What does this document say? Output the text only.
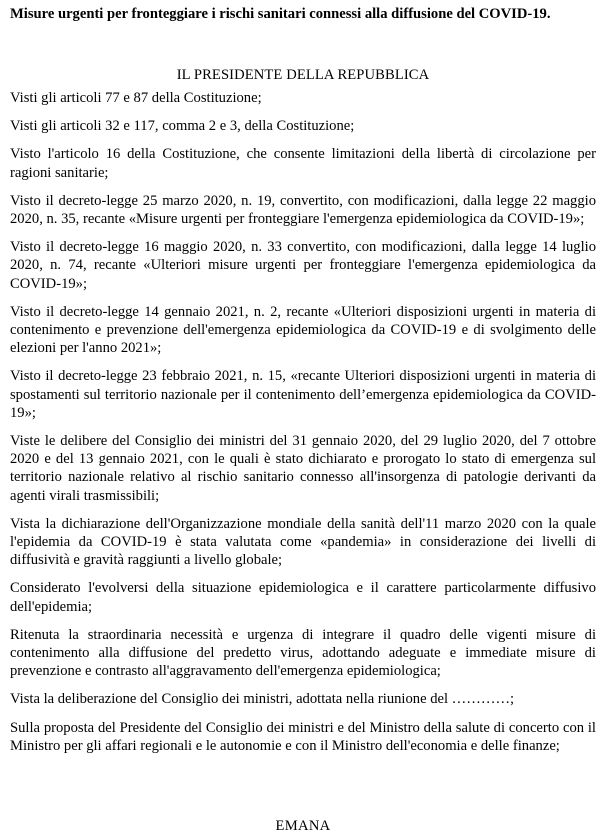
Misure urgenti per fronteggiare i rischi sanitari connessi alla diffusione del COVID-19.
IL PRESIDENTE DELLA REPUBBLICA

Visti gli articoli 77 e 87 della Costituzione;

Visti gli articoli 32 e 117, comma 2 e 3, della Costituzione;

Visto l'articolo 16 della Costituzione, che consente limitazioni della libertà di circolazione per ragioni sanitarie;

Visto il decreto-legge 25 marzo 2020, n. 19, convertito, con modificazioni, dalla legge 22 maggio 2020, n. 35, recante «Misure urgenti per fronteggiare l'emergenza epidemiologica da COVID-19»;

Visto il decreto-legge 16 maggio 2020, n. 33 convertito, con modificazioni, dalla legge 14 luglio 2020, n. 74, recante «Ulteriori misure urgenti per fronteggiare l'emergenza epidemiologica da COVID-19»;

Visto il decreto-legge 14 gennaio 2021, n. 2, recante «Ulteriori disposizioni urgenti in materia di contenimento e prevenzione dell'emergenza epidemiologica da COVID-19 e di svolgimento delle elezioni per l'anno 2021»;

Visto il decreto-legge 23 febbraio 2021, n. 15, «recante Ulteriori disposizioni urgenti in materia di spostamenti sul territorio nazionale per il contenimento dell’emergenza epidemiologica da COVID-19»;

Viste le delibere del Consiglio dei ministri del 31 gennaio 2020, del 29 luglio 2020, del 7 ottobre 2020 e del 13 gennaio 2021, con le quali è stato dichiarato e prorogato lo stato di emergenza sul territorio nazionale relativo al rischio sanitario connesso all'insorgenza di patologie derivanti da agenti virali trasmissibili;

Vista la dichiarazione dell'Organizzazione mondiale della sanità dell'11 marzo 2020 con la quale l'epidemia da COVID-19 è stata valutata come «pandemia» in considerazione dei livelli di diffusività e gravità raggiunti a livello globale;

Considerato l'evolversi della situazione epidemiologica e il carattere particolarmente diffusivo dell'epidemia;

Ritenuta la straordinaria necessità e urgenza di integrare il quadro delle vigenti misure di contenimento alla diffusione del predetto virus, adottando adeguate e immediate misure di prevenzione e contrasto all'aggravamento dell'emergenza epidemiologica;

Vista la deliberazione del Consiglio dei ministri, adottata nella riunione del …………;

Sulla proposta del Presidente del Consiglio dei ministri e del Ministro della salute di concerto con il Ministro per gli affari regionali e le autonomie e con il Ministro dell'economia e delle finanze;

EMANA
